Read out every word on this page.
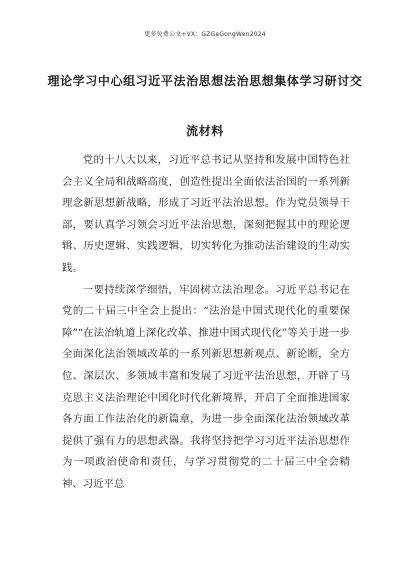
更多免费公文+VX：GZGeGongWen2024
理论学习中心组习近平法治思想法治思想集体学习研讨交
流材料

党的十八大以来，习近平总书记从坚持和发展中国特色社会主义全局和战略高度，创造性提出全面依法治国的一系列新理念新思想新战略，形成了习近平法治思想。作为党员领导干部，要认真学习领会习近平法治思想，深刻把握其中的理论逻辑、历史逻辑、实践逻辑，切实转化为推动法治建设的生动实践。

一要持续深学细悟，牢固树立法治理念。习近平总书记在党的二十届三中全会上提出：“法治是中国式现代化的重要保障”“在法治轨道上深化改革、推进中国式现代化”等关于进一步全面深化法治领域改革的一系列新思想新观点、新论断，全方位、深层次、多领域丰富和发展了习近平法治思想，开辟了马克思主义法治理论中国化时代化新境界，开启了全面推进国家各方面工作法治化的新篇章，为进一步全面深化法治领域改革提供了强有力的思想武器。我将坚持把学习习近平法治思想作为一项政治使命和责任，与学习贯彻党的二十届三中全会精神、习近平总
